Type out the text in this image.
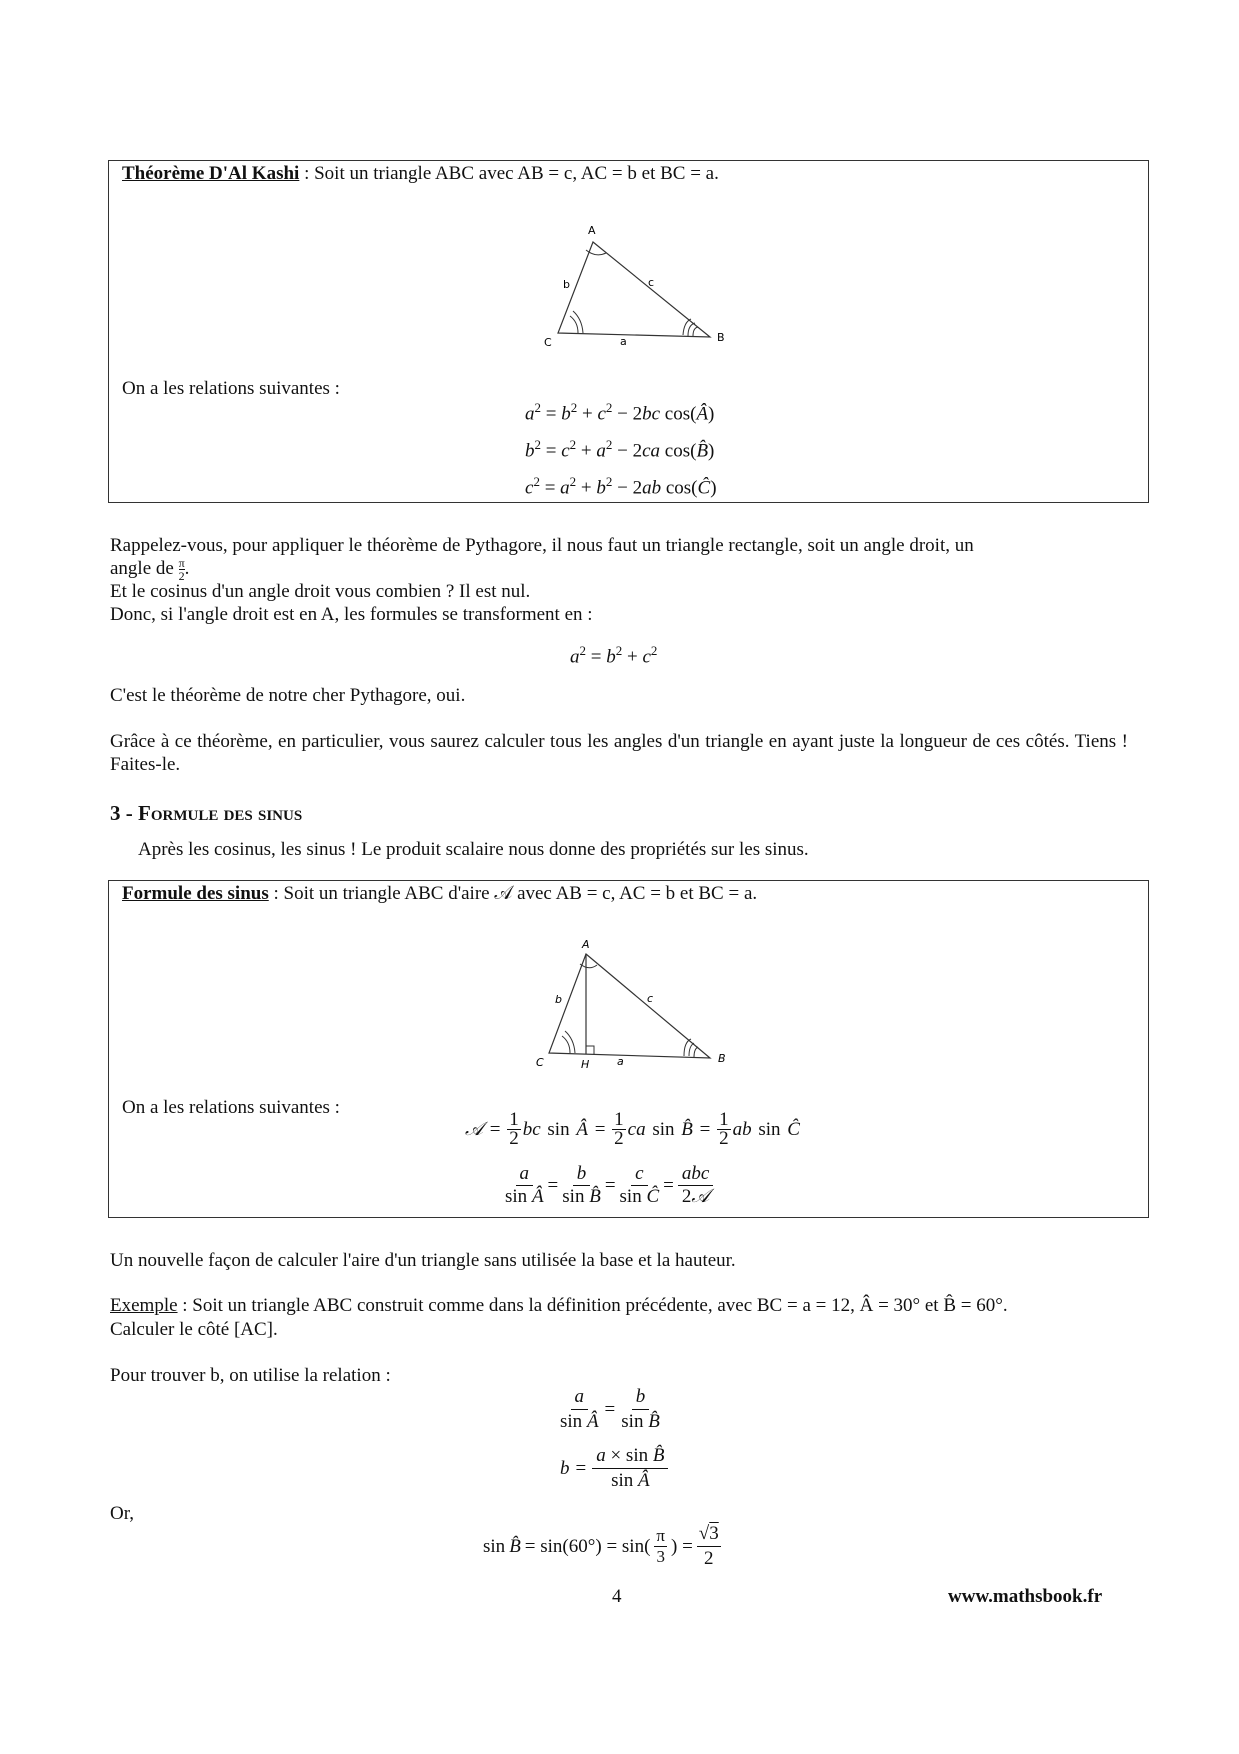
Théorème D'Al Kashi : Soit un triangle ABC avec AB = c, AC = b et BC = a.
A
B
C	a
b	c
On a les relations suivantes :
$a^2 = b^2 + c^2 - 2bc$ cos(Â)
$b^2 = c^2 + a^2 - 2ca$ cos(B̂)
$c^2 = a^2 + b^2 - 2ab$ cos(Ĉ)
Rappelez-vous, pour appliquer le théorème de Pythagore, il nous faut un triangle rectangle, soit un angle droit, un
angle de $\frac{\pi}{2}$ .
Et le cosinus d'un angle droit vous combien ? Il est nul.
Donc, si l'angle droit est en A, les formules se transforment en :
$a^2 = b^2 + c^2$
C'est le théorème de notre cher Pythagore, oui.
Grâce à ce théorème, en particulier, vous saurez calculer tous les angles d'un triangle en ayant juste la longueur de ces côtés. Tiens ! Faites-le.
3 - Formule des sinus
Après les cosinus, les sinus ! Le produit scalaire nous donne des propriétés sur les sinus.
Formule des sinus : Soit un triangle ABC d'aire 𝒜 avec AB = c, AC = b et BC = a.
A
B
C	H	a
b	c
On a les relations suivantes :
𝒜 = 1
2 bc sin Â = 1
2 ca sin B̂ = 1
2 ab sin Ĉ
a
sin Â
=
b
sin B̂
=
c
sin Ĉ
=
abc
2𝒜
Un nouvelle façon de calculer l'aire d'un triangle sans utilisée la base et la hauteur.
Exemple : Soit un triangle ABC construit comme dans la définition précédente, avec BC = a = 12, Â = 30° et B̂ = 60°.
Calculer le côté [AC].
Pour trouver b, on utilise la relation :
a
sin Â
=
b
sin B̂
b =
a × sin B̂
sin Â
Or,
sin B̂ = sin(60°) = sin( π
3 ) =
√3
2
4	www.mathsbook.fr
